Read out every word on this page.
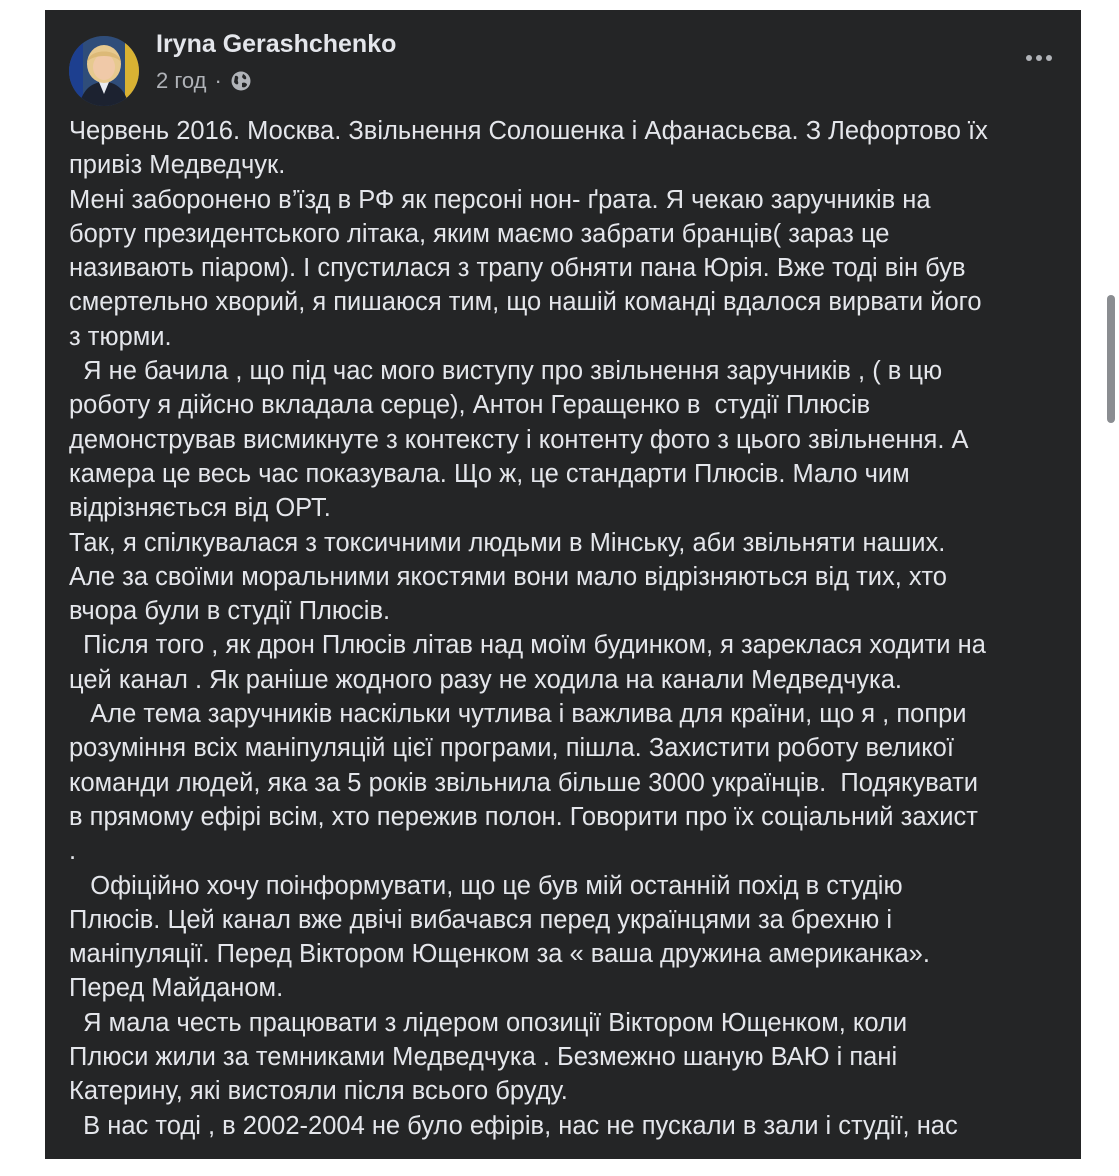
Iryna Gerashchenko
2 год ·
Червень 2016. Москва. Звільнення Солошенка і Афанасьєва. З Лефортово їх
привіз Медведчук.
Мені заборонено в’їзд в РФ як персоні нон- ґрата. Я чекаю заручників на
борту президентського літака, яким маємо забрати бранців( зараз це
називають піаром). І спустилася з трапу обняти пана Юрія. Вже тоді він був
смертельно хворий, я пишаюся тим, що нашій команді вдалося вирвати його
з тюрми.
Я не бачила , що під час мого виступу про звільнення заручників , ( в цю
роботу я дійсно вкладала серце), Антон Геращенко в  студії Плюсів
демонстрував висмикнуте з контексту і контенту фото з цього звільнення. А
камера це весь час показувала. Що ж, це стандарти Плюсів. Мало чим
відрізняється від ОРТ.
Так, я спілкувалася з токсичними людьми в Мінську, аби звільняти наших.
Але за своїми моральними якостями вони мало відрізняються від тих, хто
вчора були в студії Плюсів.
Після того , як дрон Плюсів літав над моїм будинком, я зареклася ходити на
цей канал . Як раніше жодного разу не ходила на канали Медведчука.
Але тема заручників наскільки чутлива і важлива для країни, що я , попри
розуміння всіх маніпуляцій цієї програми, пішла. Захистити роботу великої
команди людей, яка за 5 років звільнила більше 3000 українців.  Подякувати
в прямому ефірі всім, хто пережив полон. Говорити про їх соціальний захист
.
Офіційно хочу поінформувати, що це був мій останній похід в студію
Плюсів. Цей канал вже двічі вибачався перед українцями за брехню і
маніпуляції. Перед Віктором Ющенком за « ваша дружина американка».
Перед Майданом.
Я мала честь працювати з лідером опозиції Віктором Ющенком, коли
Плюси жили за темниками Медведчука . Безмежно шаную ВАЮ і пані
Катерину, які вистояли після всього бруду.
В нас тоді , в 2002-2004 не було ефірів, нас не пускали в зали і студії, нас
